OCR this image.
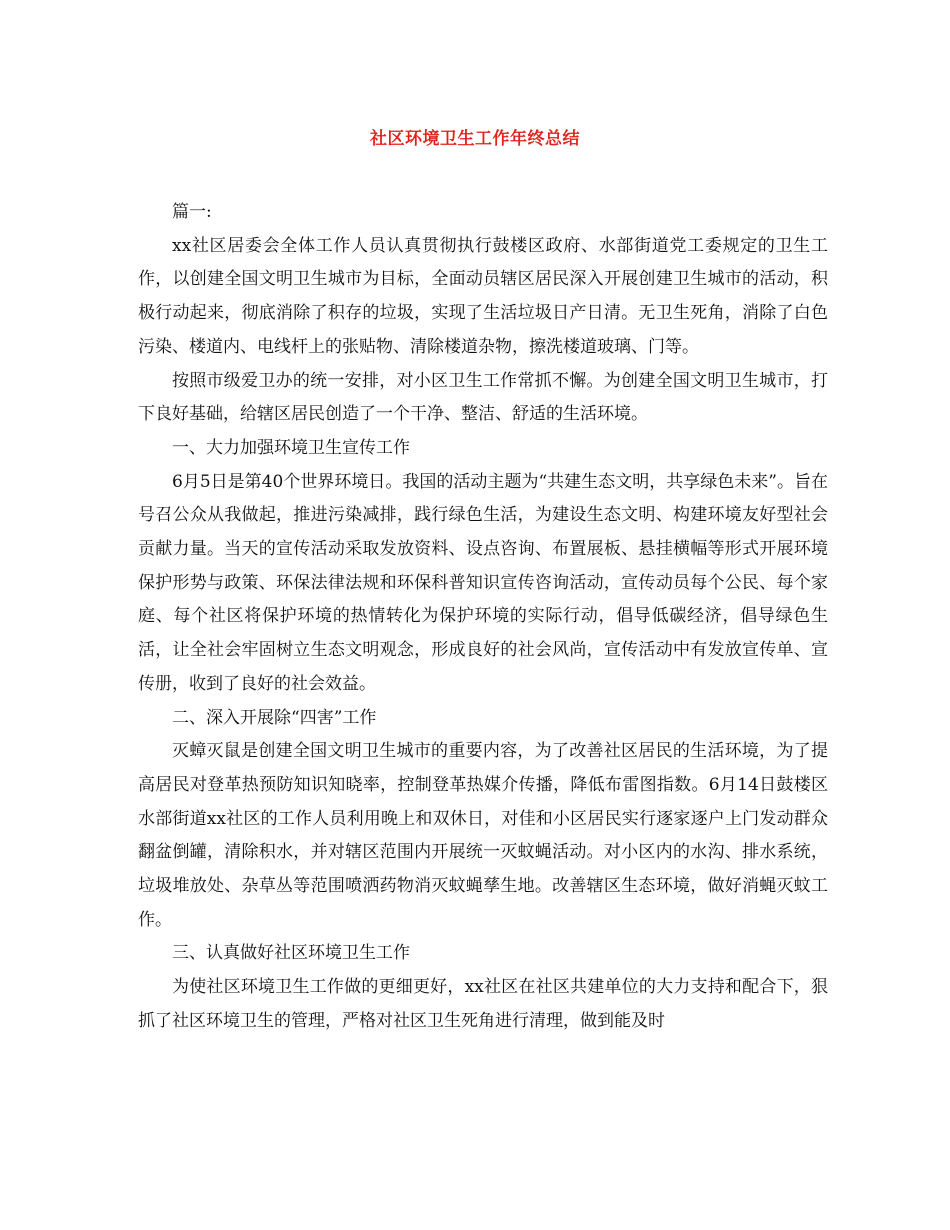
社区环境卫生工作年终总结

篇一:

xx社区居委会全体工作人员认真贯彻执行鼓楼区政府、水部街道党工委规定的卫生工作，以创建全国文明卫生城市为目标，全面动员辖区居民深入开展创建卫生城市的活动，积极行动起来，彻底消除了积存的垃圾，实现了生活垃圾日产日清。无卫生死角，消除了白色污染、楼道内、电线杆上的张贴物、清除楼道杂物，擦洗楼道玻璃、门等。

按照市级爱卫办的统一安排，对小区卫生工作常抓不懈。为创建全国文明卫生城市，打下良好基础，给辖区居民创造了一个干净、整洁、舒适的生活环境。

一、大力加强环境卫生宣传工作

6月5日是第40个世界环境日。我国的活动主题为“共建生态文明，共享绿色未来”。旨在号召公众从我做起，推进污染减排，践行绿色生活，为建设生态文明、构建环境友好型社会贡献力量。当天的宣传活动采取发放资料、设点咨询、布置展板、悬挂横幅等形式开展环境保护形势与政策、环保法律法规和环保科普知识宣传咨询活动，宣传动员每个公民、每个家庭、每个社区将保护环境的热情转化为保护环境的实际行动，倡导低碳经济，倡导绿色生活，让全社会牢固树立生态文明观念，形成良好的社会风尚，宣传活动中有发放宣传单、宣传册，收到了良好的社会效益。

二、深入开展除“四害”工作

灭蟑灭鼠是创建全国文明卫生城市的重要内容，为了改善社区居民的生活环境，为了提高居民对登革热预防知识知晓率，控制登革热媒介传播，降低布雷图指数。6月14日鼓楼区水部街道xx社区的工作人员利用晚上和双休日，对佳和小区居民实行逐家逐户上门发动群众翻盆倒罐，清除积水，并对辖区范围内开展统一灭蚊蝇活动。对小区内的水沟、排水系统，垃圾堆放处、杂草丛等范围喷洒药物消灭蚊蝇孳生地。改善辖区生态环境，做好消蝇灭蚊工作。

三、认真做好社区环境卫生工作

为使社区环境卫生工作做的更细更好，xx社区在社区共建单位的大力支持和配合下，狠抓了社区环境卫生的管理，严格对社区卫生死角进行清理，做到能及时
